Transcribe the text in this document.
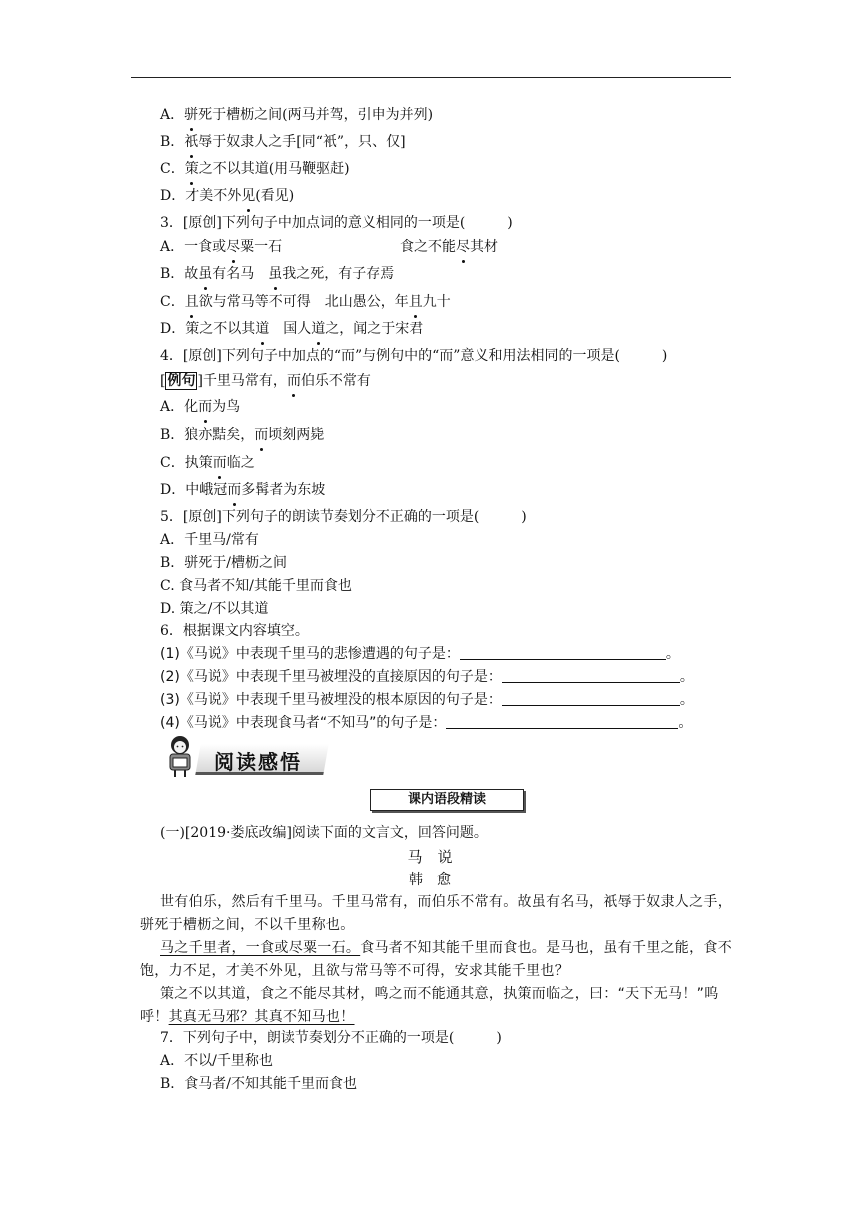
A．骈死于槽枥之间(两马并驾，引申为并列)
B．祇辱于奴隶人之手[同“衹”，只、仅]
C．策之不以其道(用马鞭驱赶)
D．才美不外见(看见)
3．[原创]下列句子中加点词的意义相同的一项是(　　　)
A．一食或尽粟一石	食之不能尽其材
B．故虽有名马　虽我之死，有子存焉
C．且欲与常马等不可得　北山愚公，年且九十
D．策之不以其道　国人道之，闻之于宋君
4．[原创]下列句子中加点的“而”与例句中的“而”意义和用法相同的一项是(　　　)
[ 例句 ]千里马常有，而伯乐不常有
A．化而为鸟
B．狼亦黠矣，而顷刻两毙
C．执策而临之
D．中峨冠而多髯者为东坡
5．[原创]下列句子的朗读节奏划分不正确的一项是(　　　)
A．千里马/常有
B．骈死于/槽枥之间
C. 食马者不知/其能千里而食也
D. 策之/不以其道
6．根据课文内容填空。
(1)《马说》中表现千里马的悲惨遭遇的句子是：	。
(2)《马说》中表现千里马被埋没的直接原因的句子是：	。
(3)《马说》中表现千里马被埋没的根本原因的句子是：	。
(4)《马说》中表现食马者“不知马”的句子是：	。
阅读感悟
课内语段精读
(一)[2019·娄底改编]阅读下面的文言文，回答问题。
马　说
韩　愈
世有伯乐，然后有千里马。千里马常有，而伯乐不常有。故虽有名马，祇辱于奴隶人之手，骈死于槽枥之间，不以千里称也。
马之千里者，一食或尽粟一石。食马者不知其能千里而食也。是马也，虽有千里之能，食不饱，力不足，才美不外见，且欲与常马等不可得，安求其能千里也？
策之不以其道，食之不能尽其材，鸣之而不能通其意，执策而临之，曰：“天下无马！”呜呼！其真无马邪？其真不知马也！
7．下列句子中，朗读节奏划分不正确的一项是(　　　)
A．不以/千里称也
B．食马者/不知其能千里而食也
